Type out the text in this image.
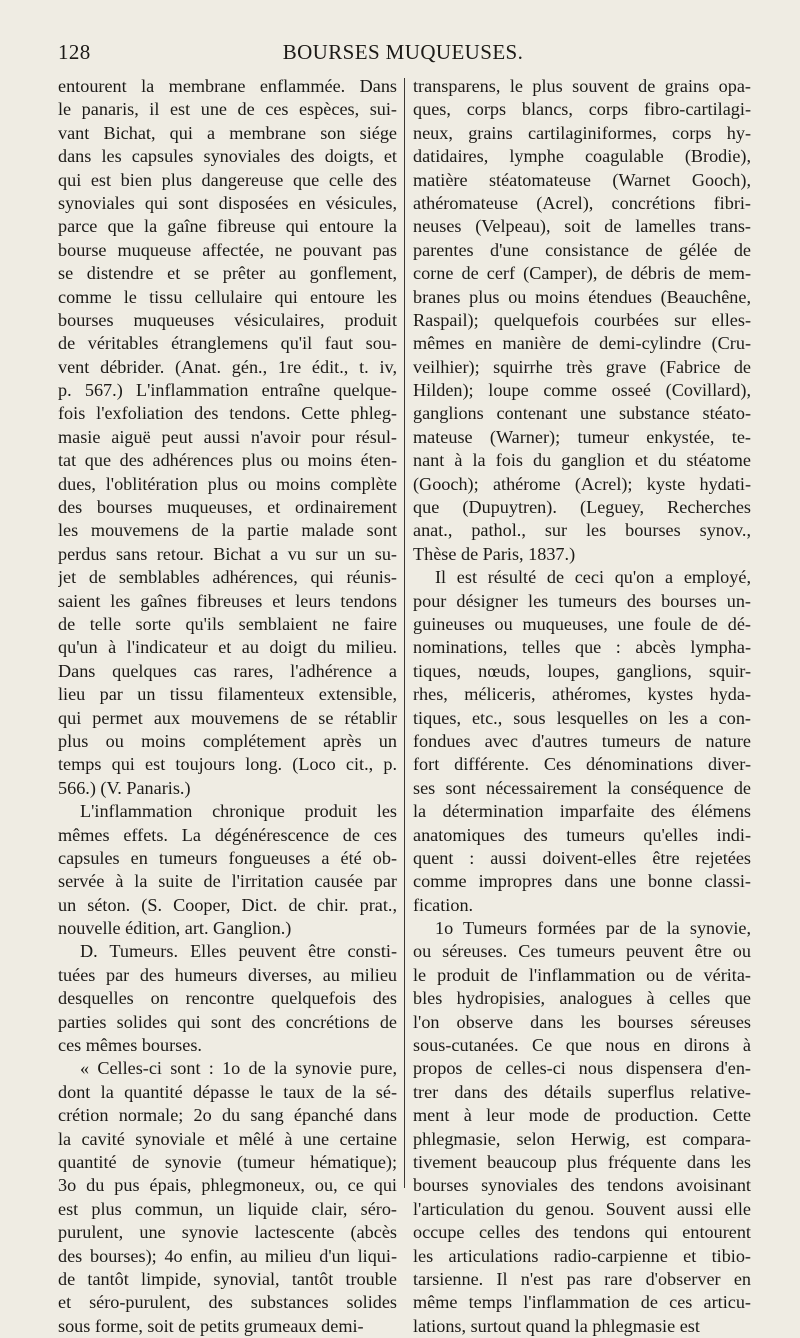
128	BOURSES MUQUEUSES.
entourent la membrane enflammée. Dans
le panaris, il est une de ces espèces, sui-
vant Bichat, qui a membrane son siége
dans les capsules synoviales des doigts, et
qui est bien plus dangereuse que celle des
synoviales qui sont disposées en vésicules,
parce que la gaîne fibreuse qui entoure la
bourse muqueuse affectée, ne pouvant pas
se distendre et se prêter au gonflement,
comme le tissu cellulaire qui entoure les
bourses muqueuses vésiculaires, produit
de véritables étranglemens qu'il faut sou-
vent débrider. (Anat. gén., 1re édit., t. iv,
p. 567.) L'inflammation entraîne quelque-
fois l'exfoliation des tendons. Cette phleg-
masie aiguë peut aussi n'avoir pour résul-
tat que des adhérences plus ou moins éten-
dues, l'oblitération plus ou moins complète
des bourses muqueuses, et ordinairement
les mouvemens de la partie malade sont
perdus sans retour. Bichat a vu sur un su-
jet de semblables adhérences, qui réunis-
saient les gaînes fibreuses et leurs tendons
de telle sorte qu'ils semblaient ne faire
qu'un à l'indicateur et au doigt du milieu.
Dans quelques cas rares, l'adhérence a
lieu par un tissu filamenteux extensible,
qui permet aux mouvemens de se rétablir
plus ou moins complétement après un
temps qui est toujours long. (Loco cit., p.
566.) (V. Panaris.)
L'inflammation chronique produit les
mêmes effets. La dégénérescence de ces
capsules en tumeurs fongueuses a été ob-
servée à la suite de l'irritation causée par
un séton. (S. Cooper, Dict. de chir. prat.,
nouvelle édition, art. Ganglion.)
D. Tumeurs. Elles peuvent être consti-
tuées par des humeurs diverses, au milieu
desquelles on rencontre quelquefois des
parties solides qui sont des concrétions de
ces mêmes bourses.
« Celles-ci sont : 1o de la synovie pure,
dont la quantité dépasse le taux de la sé-
crétion normale; 2o du sang épanché dans
la cavité synoviale et mêlé à une certaine
quantité de synovie (tumeur hématique);
3o du pus épais, phlegmoneux, ou, ce qui
est plus commun, un liquide clair, séro-
purulent, une synovie lactescente (abcès
des bourses); 4o enfin, au milieu d'un liqui-
de tantôt limpide, synovial, tantôt trouble
et séro-purulent, des substances solides
sous forme, soit de petits grumeaux demi-
transparens, le plus souvent de grains opa-
ques, corps blancs, corps fibro-cartilagi-
neux, grains cartilaginiformes, corps hy-
datidaires, lymphe coagulable (Brodie),
matière stéatomateuse (Warnet Gooch),
athéromateuse (Acrel), concrétions fibri-
neuses (Velpeau), soit de lamelles trans-
parentes d'une consistance de gélée de
corne de cerf (Camper), de débris de mem-
branes plus ou moins étendues (Beauchêne,
Raspail); quelquefois courbées sur elles-
mêmes en manière de demi-cylindre (Cru-
veilhier); squirrhe très grave (Fabrice de
Hilden); loupe comme osseé (Covillard),
ganglions contenant une substance stéato-
mateuse (Warner); tumeur enkystée, te-
nant à la fois du ganglion et du stéatome
(Gooch); athérome (Acrel); kyste hydati-
que (Dupuytren). (Leguey, Recherches
anat., pathol., sur les bourses synov.,
Thèse de Paris, 1837.)
Il est résulté de ceci qu'on a employé,
pour désigner les tumeurs des bourses un-
guineuses ou muqueuses, une foule de dé-
nominations, telles que : abcès lympha-
tiques, nœuds, loupes, ganglions, squir-
rhes, méliceris, athéromes, kystes hyda-
tiques, etc., sous lesquelles on les a con-
fondues avec d'autres tumeurs de nature
fort différente. Ces dénominations diver-
ses sont nécessairement la conséquence de
la détermination imparfaite des élémens
anatomiques des tumeurs qu'elles indi-
quent : aussi doivent-elles être rejetées
comme impropres dans une bonne classi-
fication.
1o Tumeurs formées par de la synovie,
ou séreuses. Ces tumeurs peuvent être ou
le produit de l'inflammation ou de vérita-
bles hydropisies, analogues à celles que
l'on observe dans les bourses séreuses
sous-cutanées. Ce que nous en dirons à
propos de celles-ci nous dispensera d'en-
trer dans des détails superflus relative-
ment à leur mode de production. Cette
phlegmasie, selon Herwig, est compara-
tivement beaucoup plus fréquente dans les
bourses synoviales des tendons avoisinant
l'articulation du genou. Souvent aussi elle
occupe celles des tendons qui entourent
les articulations radio-carpienne et tibio-
tarsienne. Il n'est pas rare d'observer en
même temps l'inflammation de ces articu-
lations, surtout quand la phlegmasie est
